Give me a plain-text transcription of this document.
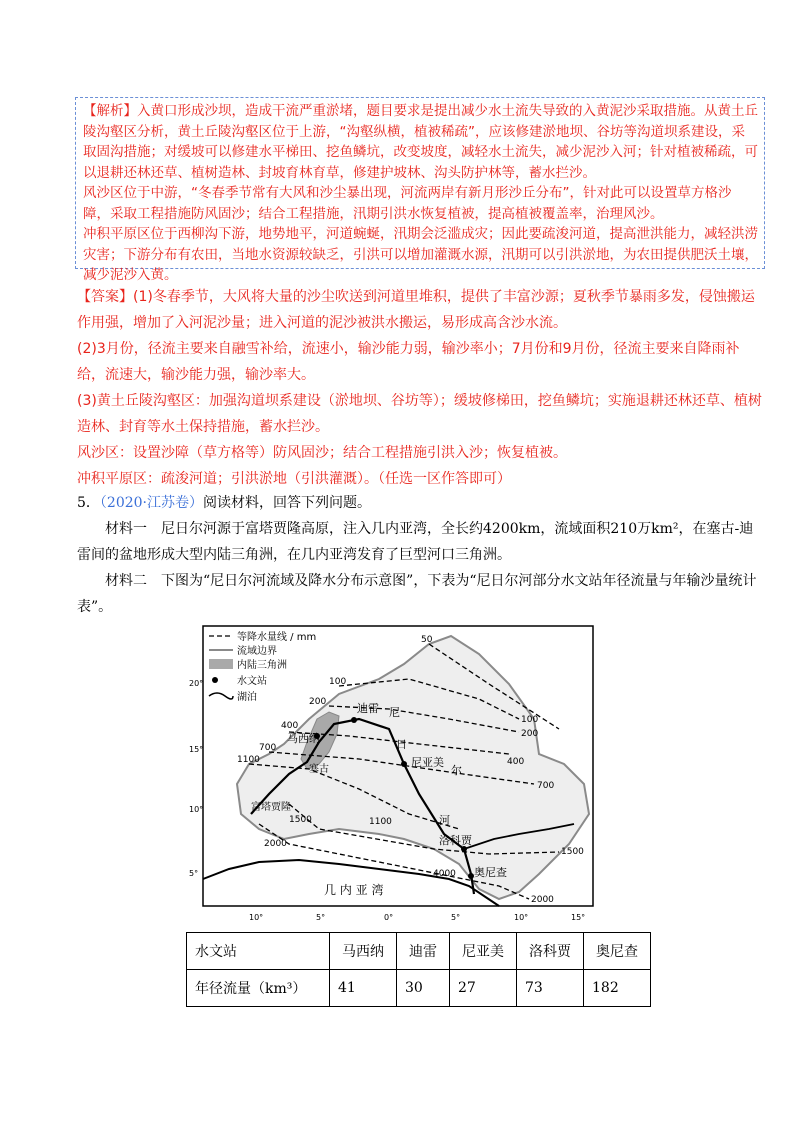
【解析】入黄口形成沙坝，造成干流严重淤堵，题目要求是提出减少水土流失导致的入黄泥沙采取措施。从黄土丘陵沟壑区分析，黄土丘陵沟壑区位于上游，“沟壑纵横，植被稀疏”，应该修建淤地坝、谷坊等沟道坝系建设，采取固沟措施；对缓坡可以修建水平梯田、挖鱼鳞坑，改变坡度，减轻水土流失，减少泥沙入河；针对植被稀疏，可以退耕还林还草、植树造林、封坡育林育草，修建护坡林、沟头防护林等，蓄水拦沙。

风沙区位于中游，“冬春季节常有大风和沙尘暴出现，河流两岸有新月形沙丘分布”，针对此可以设置草方格沙障，采取工程措施防风固沙；结合工程措施，汛期引洪水恢复植被，提高植被覆盖率，治理风沙。

冲积平原区位于西柳沟下游，地势地平，河道蜿蜒，汛期会泛滥成灾；因此要疏浚河道，提高泄洪能力，减轻洪涝灾害；下游分布有农田，当地水资源较缺乏，引洪可以增加灌溉水源，汛期可以引洪淤地，为农田提供肥沃土壤，减少泥沙入黄。

【答案】(1)冬春季节，大风将大量的沙尘吹送到河道里堆积，提供了丰富沙源；夏秋季节暴雨多发，侵蚀搬运作用强，增加了入河泥沙量；进入河道的泥沙被洪水搬运，易形成高含沙水流。

(2)3月份，径流主要来自融雪补给，流速小，输沙能力弱，输沙率小；7月份和9月份，径流主要来自降雨补给，流速大，输沙能力强，输沙率大。

(3)黄土丘陵沟壑区：加强沟道坝系建设（淤地坝、谷坊等）；缓坡修梯田，挖鱼鳞坑；实施退耕还林还草、植树造林、封育等水土保持措施，蓄水拦沙。

风沙区：设置沙障（草方格等）防风固沙；结合工程措施引洪入沙；恢复植被。

冲积平原区：疏浚河道；引洪淤地（引洪灌溉）。（任选一区作答即可）

5．（2020·江苏卷）阅读材料，回答下列问题。

材料一　尼日尔河源于富塔贾隆高原，注入几内亚湾，全长约4200km，流域面积210万km²，在塞古-迪雷间的盆地形成大型内陆三角洲，在几内亚湾发育了巨型河口三角洲。

材料二　下图为“尼日尔河流域及降水分布示意图”，下表为“尼日尔河部分水文站年径流量与年输沙量统计表”。

50
100
100
200
200
400
400
700
700
1100
1100
1500
1500
2000
2000
4000
迪雷
马西纳
塞古
尼亚美
富塔贾隆
洛科贾
奥尼查
几 内 亚 湾
尼
日
尔
河
等降水量线 / mm
流域边界
内陆三角洲
水文站
湖泊
20°
15°
10°
5°
10°	5°	0°	5°	10°	15°
水文站	马西纳	迪雷	尼亚美	洛科贾	奥尼查
年径流量（km³）	41	30	27	73	182
